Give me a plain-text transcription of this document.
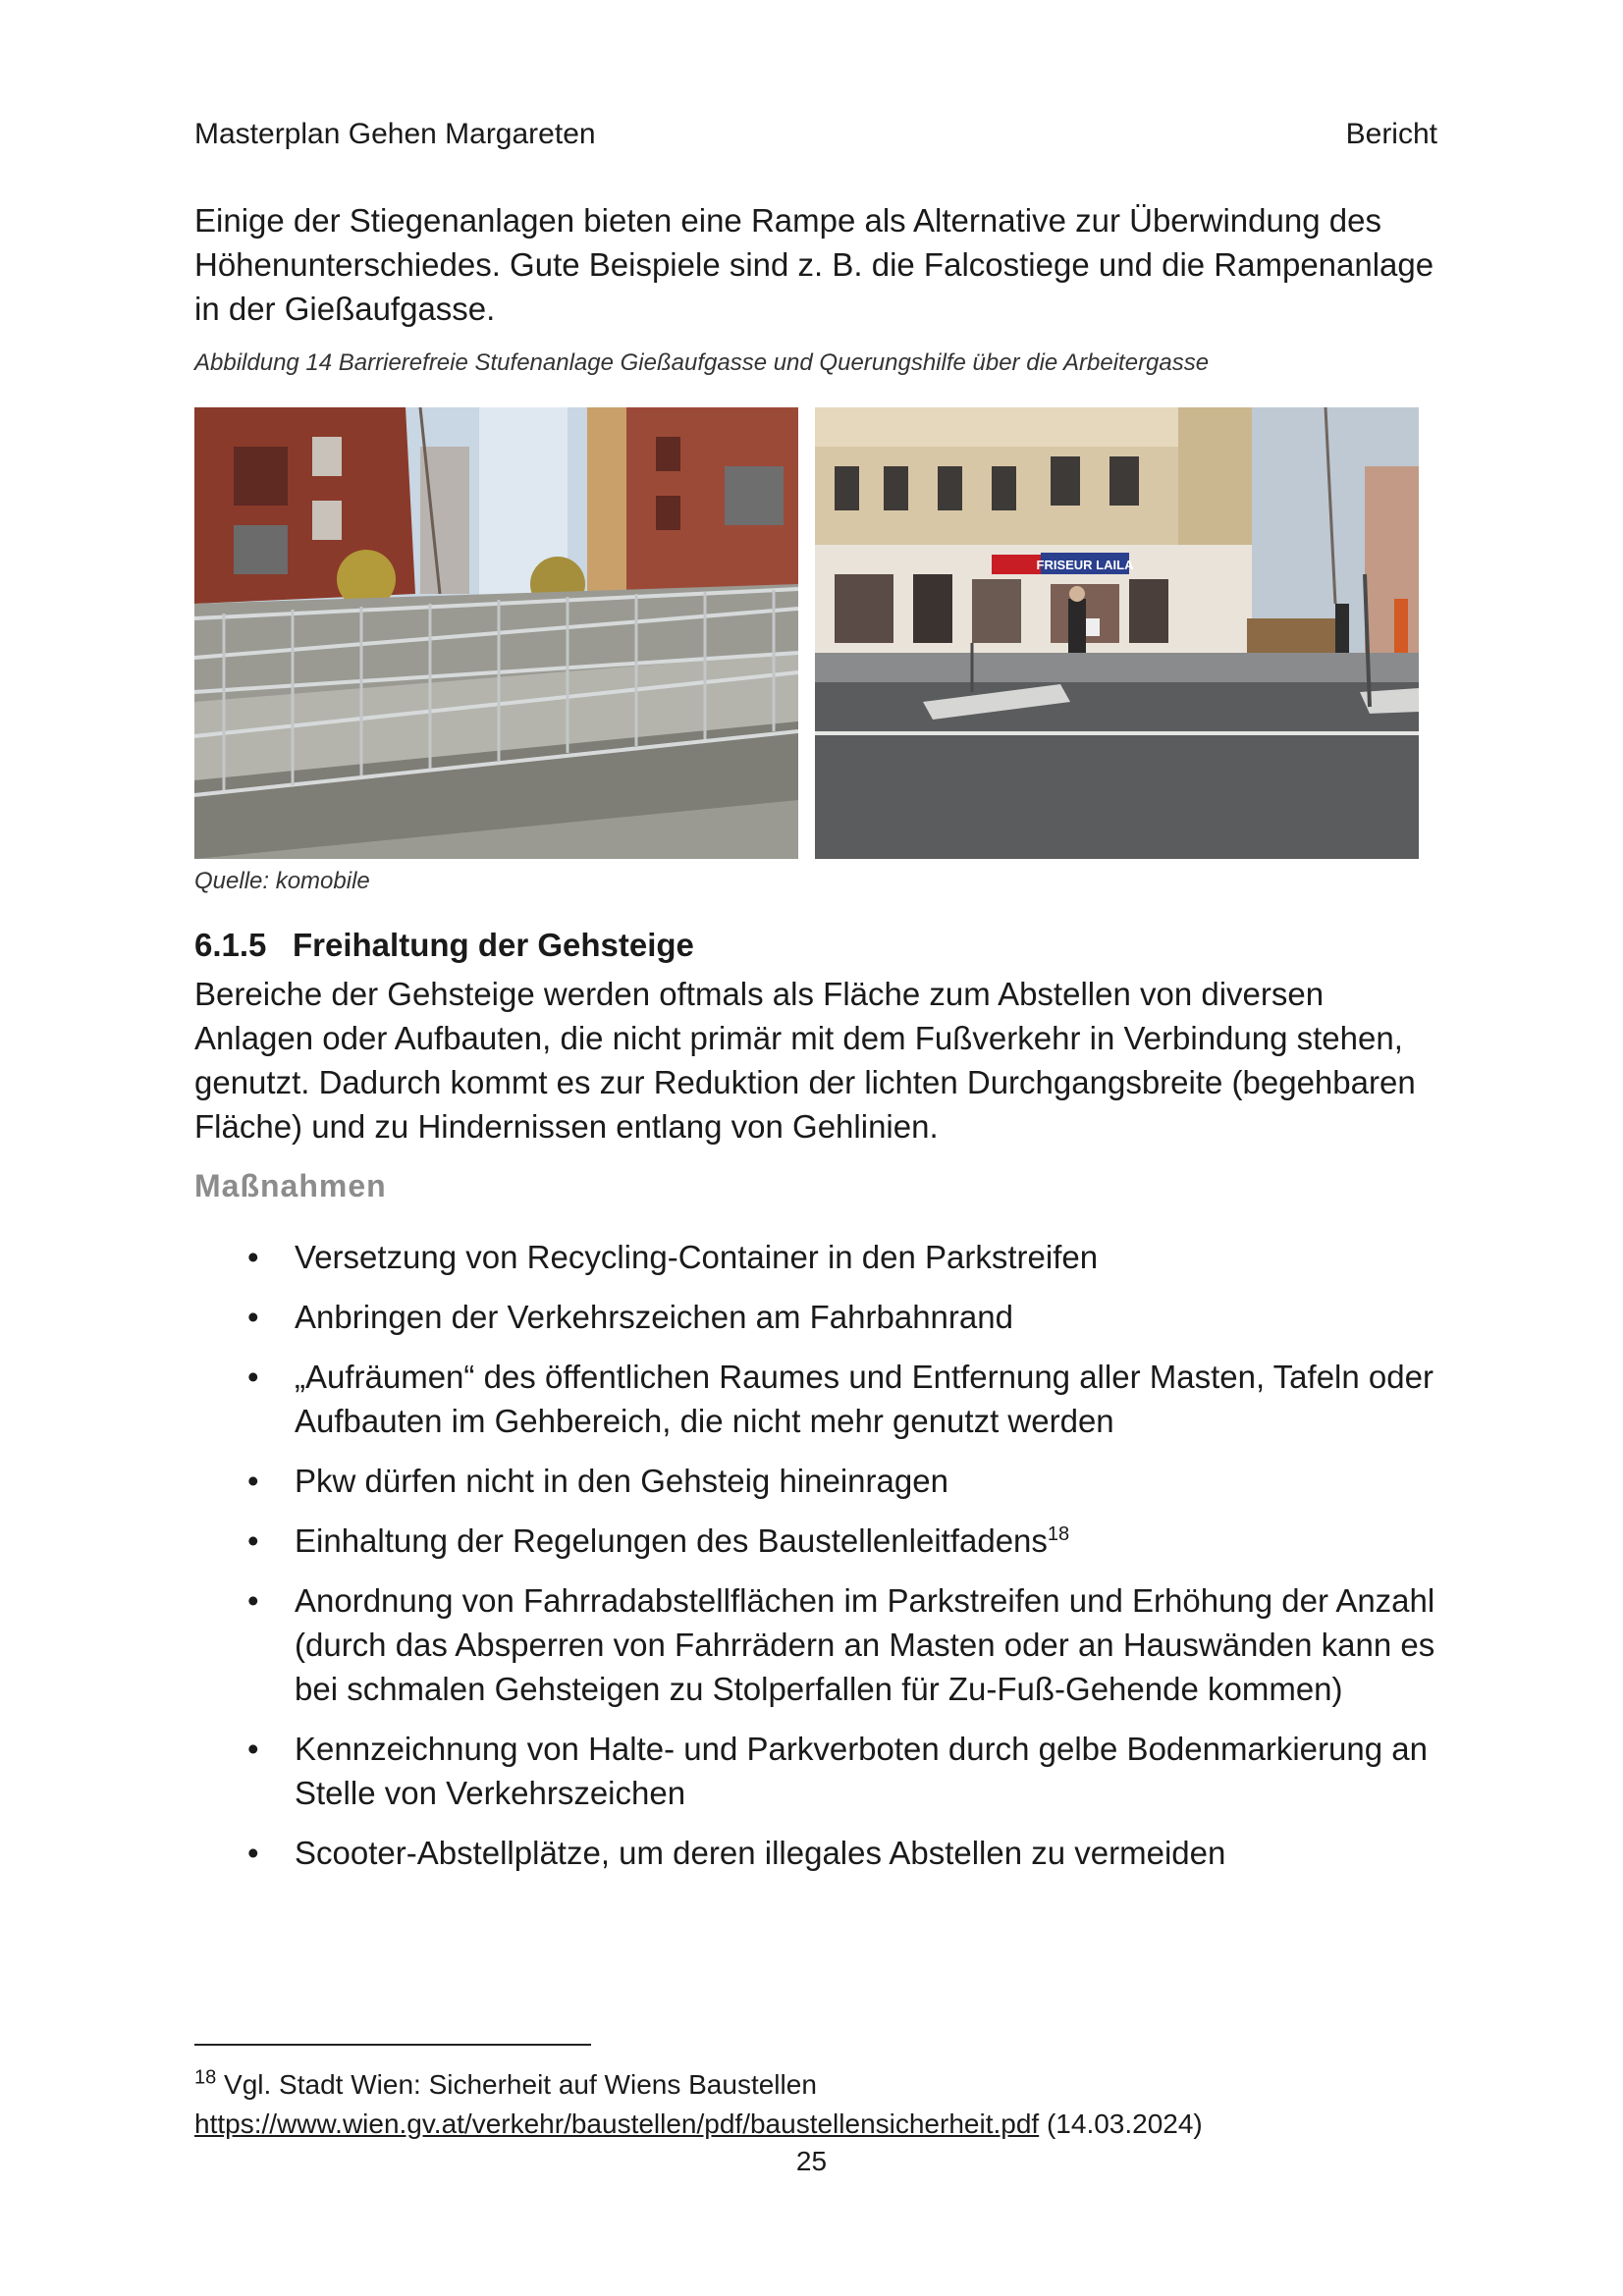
Masterplan Gehen Margareten	Bericht
Einige der Stiegenanlagen bieten eine Rampe als Alternative zur Überwindung des
Höhenunterschiedes. Gute Beispiele sind z. B. die Falcostiege und die Rampenanlage
in der Gießaufgasse.
Abbildung 14 Barrierefreie Stufenanlage Gießaufgasse und Querungshilfe über die Arbeitergasse
FRISEUR LAILA
Quelle: komobile
6.1.5 Freihaltung der Gehsteige
Bereiche der Gehsteige werden oftmals als Fläche zum Abstellen von diversen
Anlagen oder Aufbauten, die nicht primär mit dem Fußverkehr in Verbindung stehen,
genutzt. Dadurch kommt es zur Reduktion der lichten Durchgangsbreite (begehbaren
Fläche) und zu Hindernissen entlang von Gehlinien.
Maßnahmen
• Versetzung von Recycling-Container in den Parkstreifen
• Anbringen der Verkehrszeichen am Fahrbahnrand
• „Aufräumen“ des öffentlichen Raumes und Entfernung aller Masten, Tafeln oder Aufbauten im Gehbereich, die nicht mehr genutzt werden
• Pkw dürfen nicht in den Gehsteig hineinragen
• Einhaltung der Regelungen des Baustellenleitfadens$^{18}$
• Anordnung von Fahrradabstellflächen im Parkstreifen und Erhöhung der Anzahl (durch das Absperren von Fahrrädern an Masten oder an Hauswänden kann es bei schmalen Gehsteigen zu Stolperfallen für Zu-Fuß-Gehende kommen)
• Kennzeichnung von Halte- und Parkverboten durch gelbe Bodenmarkierung an Stelle von Verkehrszeichen
• Scooter-Abstellplätze, um deren illegales Abstellen zu vermeiden
$^{18}$ Vgl. Stadt Wien: Sicherheit auf Wiens Baustellen
https://www.wien.gv.at/verkehr/baustellen/pdf/baustellensicherheit.pdf (14.03.2024)
25
